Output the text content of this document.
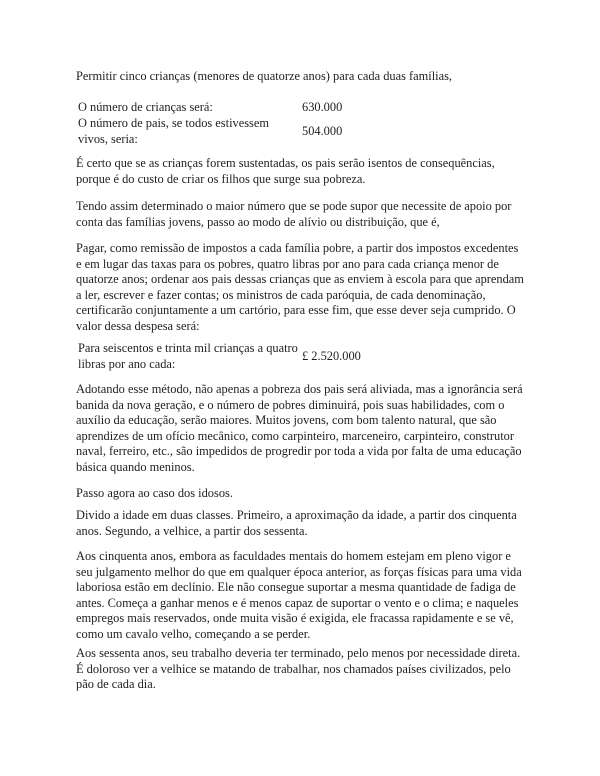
Permitir cinco crianças (menores de quatorze anos) para cada duas famílias,

O número de crianças será:	630.000
O número de pais, se todos estivessem vivos, seria:
504.000

É certo que se as crianças forem sustentadas, os pais serão isentos de consequências, porque é do custo de criar os filhos que surge sua pobreza.

Tendo assim determinado o maior número que se pode supor que necessite de apoio por conta das famílias jovens, passo ao modo de alívio ou distribuição, que é,

Pagar, como remissão de impostos a cada família pobre, a partir dos impostos excedentes e em lugar das taxas para os pobres, quatro libras por ano para cada criança menor de quatorze anos; ordenar aos pais dessas crianças que as enviem à escola para que aprendam a ler, escrever e fazer contas; os ministros de cada paróquia, de cada denominação, certificarão conjuntamente a um cartório, para esse fim, que esse dever seja cumprido. O valor dessa despesa será:

Para seiscentos e trinta mil crianças a quatro libras por ano cada:
£ 2.520.000

Adotando esse método, não apenas a pobreza dos pais será aliviada, mas a ignorância será banida da nova geração, e o número de pobres diminuirá, pois suas habilidades, com o auxílio da educação, serão maiores. Muitos jovens, com bom talento natural, que são aprendizes de um ofício mecânico, como carpinteiro, marceneiro, carpinteiro, construtor naval, ferreiro, etc., são impedidos de progredir por toda a vida por falta de uma educação básica quando meninos.

Passo agora ao caso dos idosos.

Divido a idade em duas classes. Primeiro, a aproximação da idade, a partir dos cinquenta anos. Segundo, a velhice, a partir dos sessenta.

Aos cinquenta anos, embora as faculdades mentais do homem estejam em pleno vigor e seu julgamento melhor do que em qualquer época anterior, as forças físicas para uma vida laboriosa estão em declínio. Ele não consegue suportar a mesma quantidade de fadiga de antes. Começa a ganhar menos e é menos capaz de suportar o vento e o clima; e naqueles empregos mais reservados, onde muita visão é exigida, ele fracassa rapidamente e se vê, como um cavalo velho, começando a se perder.

Aos sessenta anos, seu trabalho deveria ter terminado, pelo menos por necessidade direta. É doloroso ver a velhice se matando de trabalhar, nos chamados países civilizados, pelo pão de cada dia.
